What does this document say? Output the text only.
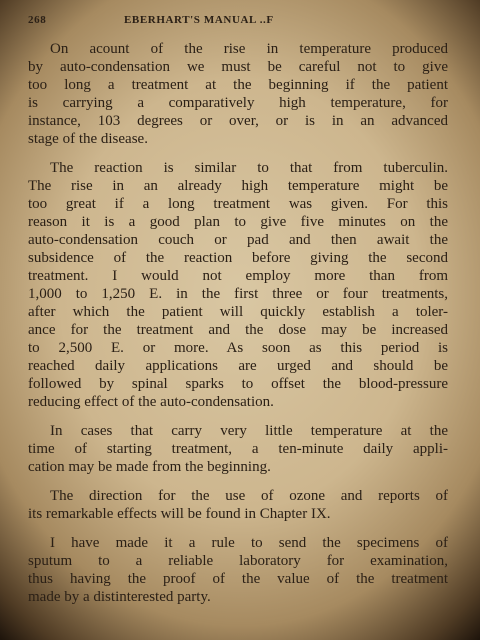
268	EBERHART'S MANUAL ..F
On acount of the rise in temperature produced
by auto-condensation we must be careful not to give
too long a treatment at the beginning if the patient
is carrying a comparatively high temperature, for
instance, 103 degrees or over, or is in an advanced
stage of the disease.
The reaction is similar to that from tuberculin.
The rise in an already high temperature might be
too great if a long treatment was given. For this
reason it is a good plan to give five minutes on the
auto-condensation couch or pad and then await the
subsidence of the reaction before giving the second
treatment. I would not employ more than from
1,000 to 1,250 E. in the first three or four treatments,
after which the patient will quickly establish a toler-
ance for the treatment and the dose may be increased
to 2,500 E. or more. As soon as this period is
reached daily applications are urged and should be
followed by spinal sparks to offset the blood-pressure
reducing effect of the auto-condensation.
In cases that carry very little temperature at the
time of starting treatment, a ten-minute daily appli-
cation may be made from the beginning.
The direction for the use of ozone and reports of
its remarkable effects will be found in Chapter IX.
I have made it a rule to send the specimens of
sputum to a reliable laboratory for examination,
thus having the proof of the value of the treatment
made by a distinterested party.
